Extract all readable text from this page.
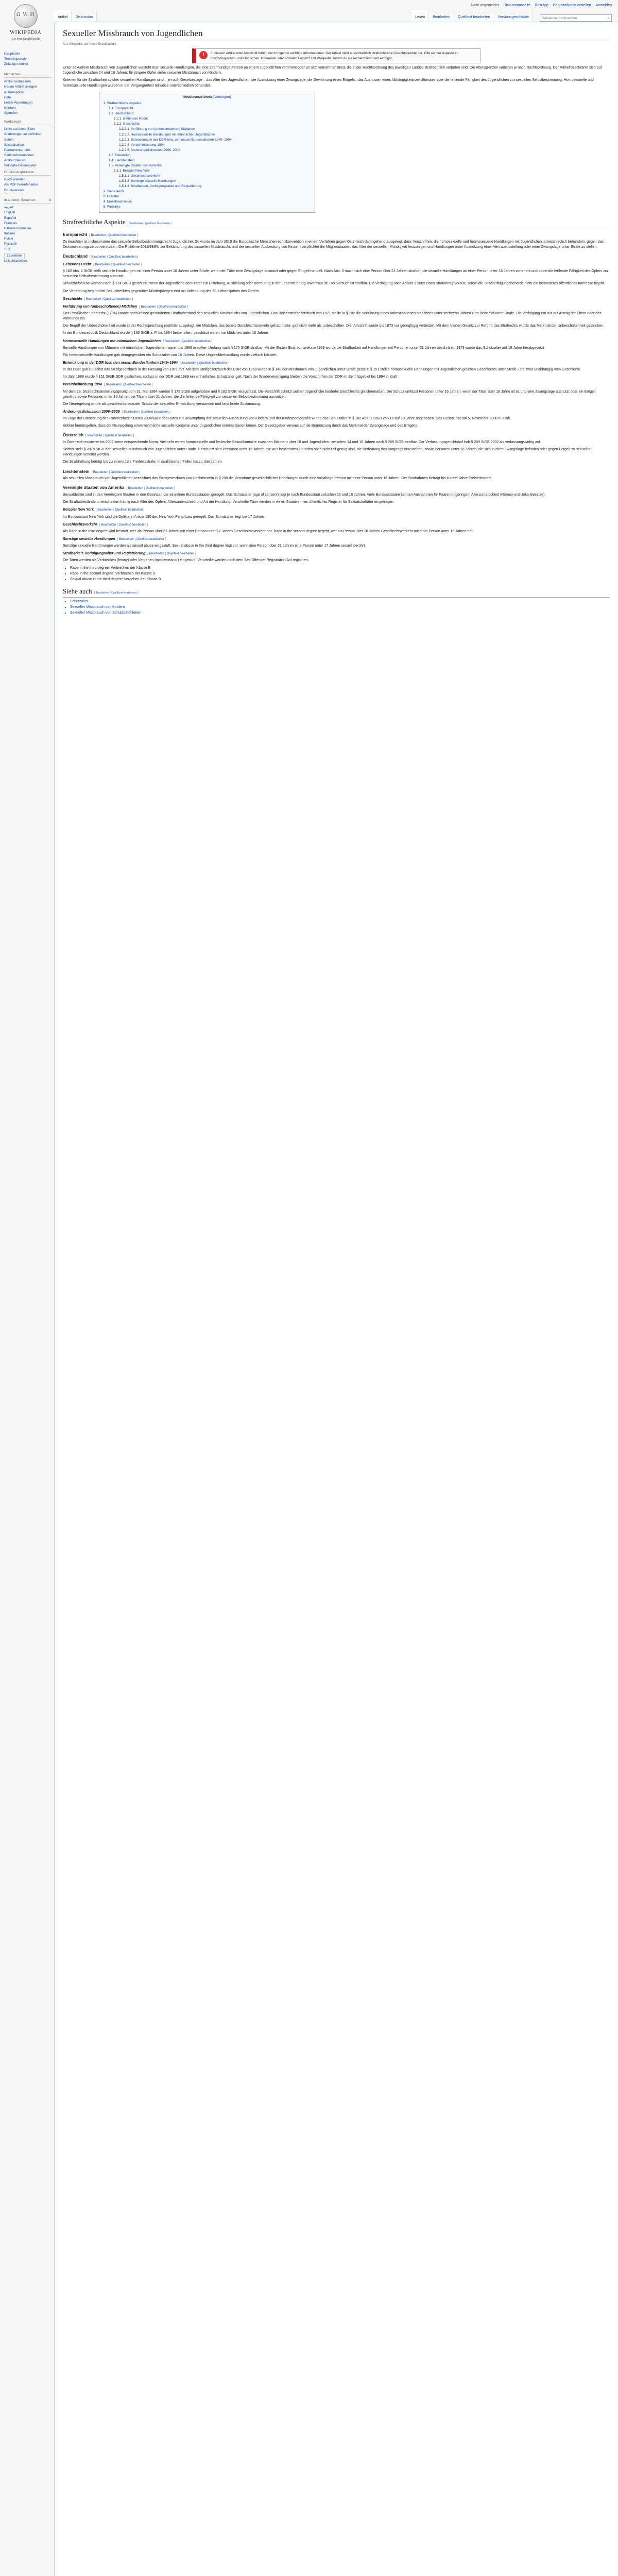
Nicht angemeldet Diskussionsseite Beiträge Benutzerkonto erstellen Anmelden
Ω W И
WIKIPEDIA
Die freie Enzyklopädie
Hauptseite
Themenportale
Zufälliger Artikel
Mitmachen
Artikel verbessern
Neuen Artikel anlegen
Autorenportal
Hilfe
Letzte Änderungen
Kontakt
Spenden
Werkzeuge
Links auf diese Seite
Änderungen an verlinkten Seiten
Spezialseiten
Permanenter Link
Seiteninformationen
Artikel zitieren
Wikidata-Datenobjekt
Drucken/exportieren
Buch erstellen
Als PDF herunterladen
Druckversion
In anderen Sprachen	⚙
العربية
English
Español
Français
Bahasa Indonesia
Italiano
Polski
Русский
中文
11 weitere
Links bearbeiten
Artikel	Diskussion	Lesen	Bearbeiten	Quelltext bearbeiten	Versionsgeschichte	Wikipedia durchsuchen	⌕
Sexueller Missbrauch von Jugendlichen
Aus Wikipedia, der freien Enzyklopädie
!	In diesem Artikel oder Abschnitt fehlen noch folgende wichtige Informationen: Der Artikel stellt ausschließlich strafrechtliche Gesichtspunkte dar. Gibt es hier Aspekte zu psychologischen, soziologischen, kulturellen oder sozialen Folgen? Hilf Wikipedia, indem du sie recherchierst und einfügst.

Unter sexuellem Missbrauch von Jugendlichen versteht man sexuelle Handlungen, die eine strafmündige Person an einem Jugendlichen vornimmt oder an sich vornehmen lässt, die in der Rechtsordnung des jeweiligen Landes strafrechtlich verboten sind. Die Altersgrenzen variieren je nach Rechtsordnung. Der Artikel beschränkt sich auf Jugendliche zwischen 14 und 18 Jahren; für jüngere Opfer siehe sexueller Missbrauch von Kindern.

Kriterien für die Strafbarkeit solcher sexuellen Handlungen sind – je nach Gesetzeslage – das Alter des Jugendlichen, die Ausnutzung einer Zwangslage, die Gewährung eines Entgelts, das Ausnutzen eines Abhängigkeitsverhältnisses oder die fehlende Fähigkeit des Jugendlichen zur sexuellen Selbstbestimmung. Homosexuelle und heterosexuelle Handlungen wurden in der Vergangenheit teilweise unterschiedlich behandelt.

Inhaltsverzeichnis [Verbergen]
1 Strafrechtliche Aspekte
1.1 Europarecht
1.2 Deutschland
1.2.1 Geltendes Recht
1.2.2 Geschichte
1.2.2.1 Verführung von (unbescholtenen) Mädchen
1.2.2.2 Homosexuelle Handlungen mit männlichen Jugendlichen
1.2.2.3 Entwicklung in der DDR bzw. den neuen Bundesländern 1949–1994
1.2.2.4 Vereinheitlichung 1994
1.2.2.5 Änderungsdiskussion 2006–2008
1.3 Österreich
1.4 Liechtenstein
1.5 Vereinigte Staaten von Amerika
1.5.1 Beispiel New York
1.5.1.1 Geschlechtsverkehr
1.5.1.2 Sonstige sexuelle Handlungen
1.5.1.3 Strafbarkeit, Verfolgungsalter und Registrierung
2 Siehe auch
3 Literatur
4 Einzelnachweise
5 Weblinks
Strafrechtliche Aspekte [ Bearbeiten | Quelltext bearbeiten ]
Europarecht [ Bearbeiten | Quelltext bearbeiten ]

Zu beachten ist insbesondere das sexuelle Selbstbestimmungsrecht Jugendlicher. So wurde im Jahr 2010 die Europäische Menschenrechtskonvention in einem Verfahren gegen Österreich dahingehend ausgelegt, dass Vorschriften, die homosexuelle und heterosexuelle Handlungen mit Jugendlichen unterschiedlich behandeln, gegen das Diskriminierungsverbot verstoßen. Die Richtlinie 2011/93/EU zur Bekämpfung des sexuellen Missbrauchs und der sexuellen Ausbeutung von Kindern verpflichtet die Mitgliedstaaten, das Alter der sexuellen Mündigkeit festzulegen und Handlungen unter Ausnutzung einer Vertrauensstellung oder einer Zwangslage unter Strafe zu stellen.

Deutschland [ Bearbeiten | Quelltext bearbeiten ]
Geltendes Recht [ Bearbeiten | Quelltext bearbeiten ]

§ 182 Abs. 1 StGB stellt sexuelle Handlungen mit einer Person unter 18 Jahren unter Strafe, wenn der Täter eine Zwangslage ausnutzt oder gegen Entgelt handelt. Nach Abs. 3 macht sich eine Person über 21 Jahren strafbar, die sexuelle Handlungen an einer Person unter 16 Jahren vornimmt und dabei die fehlende Fähigkeit des Opfers zur sexuellen Selbstbestimmung ausnutzt.

Schutzbefohlene werden nach § 174 StGB geschützt, wenn der Jugendliche dem Täter zur Erziehung, Ausbildung oder Betreuung in der Lebensführung anvertraut ist. Der Versuch ist strafbar. Die Verfolgung nach Absatz 3 setzt einen Strafantrag voraus, sofern die Strafverfolgungsbehörde nicht ein besonderes öffentliches Interesse bejaht.

Die Verjährung beginnt bei Sexualdelikten gegenüber Minderjährigen erst mit Vollendung des 30. Lebensjahres des Opfers.

Geschichte [ Bearbeiten | Quelltext bearbeiten ]
Verführung von (unbescholtenen) Mädchen [ Bearbeiten | Quelltext bearbeiten ]

Das Preußische Landrecht (1794) kannte noch keinen gesonderten Straftatbestand des sexuellen Missbrauchs von Jugendlichen. Das Reichsstrafgesetzbuch von 1871 stellte in § 182 die Verführung eines unbescholtenen Mädchens unter sechzehn Jahren zum Beischlaf unter Strafe. Die Verfolgung trat nur auf Antrag der Eltern oder des Vormunds ein.

Der Begriff der Unbescholtenheit wurde in der Rechtsprechung restriktiv ausgelegt; ein Mädchen, das bereits Geschlechtsverkehr gehabt hatte, galt nicht mehr als unbescholten. Die Vorschrift wurde bis 1973 nur geringfügig verändert. Mit dem Vierten Gesetz zur Reform des Strafrechts wurde das Merkmal der Unbescholtenheit gestrichen.

In der Bundesrepublik Deutschland wurde § 182 StGB a. F. bis 1994 beibehalten; geschützt waren nur Mädchen unter 16 Jahren.

Homosexuelle Handlungen mit männlichen Jugendlichen [ Bearbeiten | Quelltext bearbeiten ]

Sexuelle Handlungen von Männern mit männlichen Jugendlichen waren bis 1969 in vollem Umfang nach § 175 StGB strafbar. Mit der Ersten Strafrechtsreform 1969 wurde die Strafbarkeit auf Handlungen mit Personen unter 21 Jahren beschränkt, 1973 wurde das Schutzalter auf 18 Jahre herabgesetzt.

Für heterosexuelle Handlungen galt demgegenüber ein Schutzalter von 16 Jahren. Diese Ungleichbehandlung wurde vielfach kritisiert.

Entwicklung in der DDR bzw. den neuen Bundesländern 1949–1994 [ Bearbeiten | Quelltext bearbeiten ]

In der DDR galt zunächst das Strafgesetzbuch in der Fassung von 1871 fort. Mit dem Strafgesetzbuch der DDR von 1968 wurde in § 148 der Missbrauch von Jugendlichen unter Strafe gestellt; § 151 stellte homosexuelle Handlungen mit Jugendlichen gleichen Geschlechts unter Strafe, und zwar unabhängig vom Geschlecht.

Im Jahr 1988 wurde § 151 StGB-DDR gestrichen, sodass in der DDR seit 1989 ein einheitliches Schutzalter galt. Nach der Wiedervereinigung blieben die Vorschriften der DDR im Beitrittsgebiet bis 1994 in Kraft.

Vereinheitlichung 1994 [ Bearbeiten | Quelltext bearbeiten ]

Mit dem 29. Strafrechtsänderungsgesetz vom 31. Mai 1994 wurden § 175 StGB aufgehoben und § 182 StGB neu gefasst. Die Vorschrift schützt seither Jugendliche beiderlei Geschlechts gleichermaßen. Der Schutz umfasst Personen unter 16 Jahren, wenn der Täter über 18 Jahre alt ist und eine Zwangslage ausnutzt oder ein Entgelt gewährt, sowie Personen unter 16 Jahren bei Tätern über 21 Jahren, die die fehlende Fähigkeit zur sexuellen Selbstbestimmung ausnutzen.

Die Neuregelung wurde als geschlechtsneutraler Schutz der sexuellen Entwicklung verstanden und fand breite Zustimmung.

Änderungsdiskussion 2006–2008 [ Bearbeiten | Quelltext bearbeiten ]

Im Zuge der Umsetzung des Rahmenbeschlusses 2004/68/JI des Rates zur Bekämpfung der sexuellen Ausbeutung von Kindern und der Kinderpornografie wurde das Schutzalter in § 182 Abs. 1 StGB von 16 auf 18 Jahre angehoben. Das Gesetz trat am 5. November 2008 in Kraft.

Kritiker bemängelten, dass die Neuregelung einvernehmliche sexuelle Kontakte unter Jugendlichen kriminalisieren könne. Der Gesetzgeber verwies auf die Begrenzung durch das Merkmal der Zwangslage und des Entgelts.

Österreich [ Bearbeiten | Quelltext bearbeiten ]

In Österreich existierte bis 2002 keine entsprechende Norm. Vielmehr waren homosexuelle und lesbische Sexualkontakte zwischen Männern über 18 und Jugendlichen zwischen 14 und 18 Jahren nach § 209 StGB strafbar. Der Verfassungsgerichtshof hob § 209 StGB 2002 als verfassungswidrig auf.

Seither stellt § 207b StGB den sexuellen Missbrauch von Jugendlichen unter Strafe. Geschützt sind Personen unter 16 Jahren, die aus bestimmten Gründen noch nicht reif genug sind, die Bedeutung des Vorgangs einzusehen, sowie Personen unter 18 Jahren, die sich in einer Zwangslage befinden oder gegen Entgelt zu sexuellen Handlungen verleitet werden.

Die Strafdrohung beträgt bis zu einem Jahr Freiheitsstrafe, in qualifizierten Fällen bis zu drei Jahren.

Liechtenstein [ Bearbeiten | Quelltext bearbeiten ]

Als sexuellen Missbrauch von Jugendlichen bezeichnet das Strafgesetzbuch von Liechtenstein in § 208 die Vornahme geschlechtlicher Handlungen durch eine volljährige Person mit einer Person unter 16 Jahren. Der Strafrahmen beträgt bis zu drei Jahre Freiheitsstrafe.

Vereinigte Staaten von Amerika [ Bearbeiten | Quelltext bearbeiten ]

Sexualdelikte sind in den Vereinigten Staaten in den Gesetzen der einzelnen Bundesstaaten geregelt. Das Schutzalter (age of consent) liegt je nach Bundesstaat zwischen 16 und 18 Jahren. Viele Bundesstaaten kennen Ausnahmen für Paare mit geringem Altersunterschied (Romeo-und-Julia-Gesetze).

Die Straftatbestände unterscheiden häufig nach Alter des Opfers, Altersunterschied und Art der Handlung. Verurteilte Täter werden in vielen Staaten in ein öffentliches Register für Sexualstraftäter eingetragen.

Beispiel New York [ Bearbeiten | Quelltext bearbeiten ]

Im Bundesstaat New York sind die Delikte in Article 130 des New York Penal Law geregelt. Das Schutzalter liegt bei 17 Jahren.

Geschlechtsverkehr [ Bearbeiten | Quelltext bearbeiten ]

Als Rape in the third degree wird bestraft, wer als Person über 21 Jahren mit einer Person unter 17 Jahren Geschlechtsverkehr hat. Rape in the second degree begeht, wer als Person über 18 Jahren Geschlechtsverkehr mit einer Person unter 15 Jahren hat.

Sonstige sexuelle Handlungen [ Bearbeiten | Quelltext bearbeiten ]

Sonstige sexuelle Berührungen werden als sexual abuse eingestuft. Sexual abuse in the third degree liegt vor, wenn eine Person über 21 Jahren eine Person unter 17 Jahren sexuell berührt.

Strafbarkeit, Verfolgungsalter und Registrierung [ Bearbeiten | Quelltext bearbeiten ]

Die Taten werden als Verbrechen (felony) oder Vergehen (misdemeanor) eingestuft. Verurteilte werden nach dem Sex Offender Registration Act registriert.

• Rape in the third degree: Verbrechen der Klasse E
• Rape in the second degree: Verbrechen der Klasse D
• Sexual abuse in the third degree: Vergehen der Klasse B
Siehe auch [ Bearbeiten | Quelltext bearbeiten ]
• Schutzalter
• Sexueller Missbrauch von Kindern
• Sexueller Missbrauch von Schutzbefohlenen
